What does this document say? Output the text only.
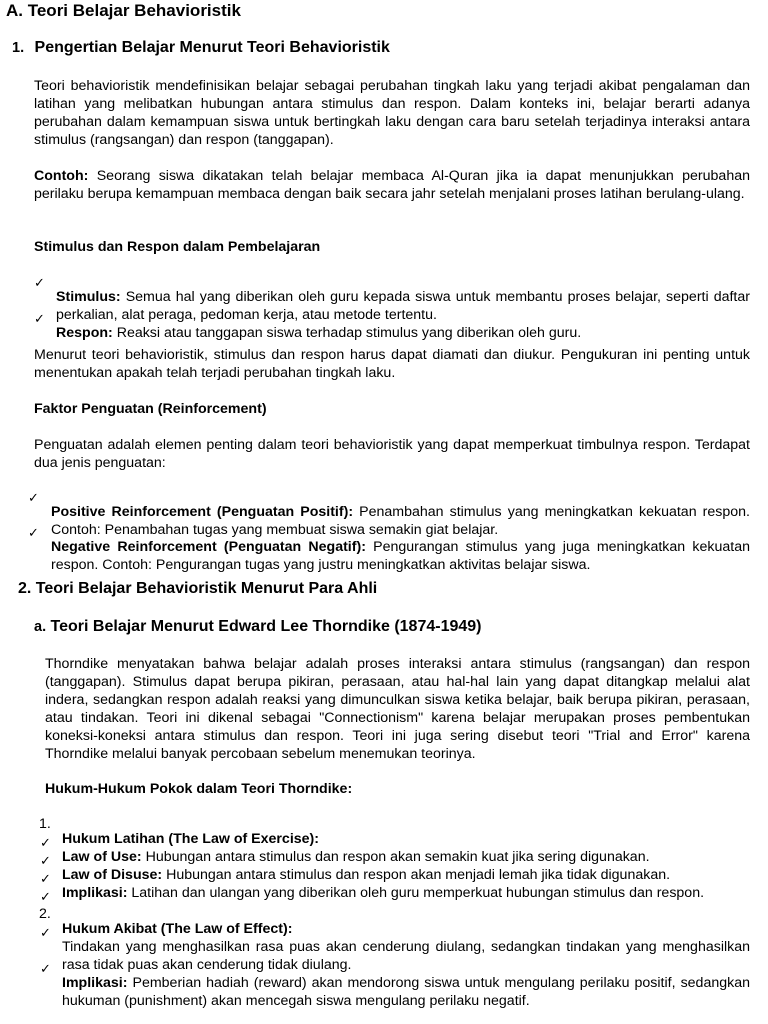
A. Teori Belajar Behavioristik
1. Pengertian Belajar Menurut Teori Behavioristik

Teori behavioristik mendefinisikan belajar sebagai perubahan tingkah laku yang terjadi akibat pengalaman dan latihan yang melibatkan hubungan antara stimulus dan respon. Dalam konteks ini, belajar berarti adanya perubahan dalam kemampuan siswa untuk bertingkah laku dengan cara baru setelah terjadinya interaksi antara stimulus (rangsangan) dan respon (tanggapan).

Contoh: Seorang siswa dikatakan telah belajar membaca Al-Quran jika ia dapat menunjukkan perubahan perilaku berupa kemampuan membaca dengan baik secara jahr setelah menjalani proses latihan berulang-ulang.

Stimulus dan Respon dalam Pembelajaran

✓

Stimulus: Semua hal yang diberikan oleh guru kepada siswa untuk membantu proses belajar, seperti daftar perkalian, alat peraga, pedoman kerja, atau metode tertentu.

✓

Respon: Reaksi atau tanggapan siswa terhadap stimulus yang diberikan oleh guru.

Menurut teori behavioristik, stimulus dan respon harus dapat diamati dan diukur. Pengukuran ini penting untuk menentukan apakah telah terjadi perubahan tingkah laku.

Faktor Penguatan (Reinforcement)

Penguatan adalah elemen penting dalam teori behavioristik yang dapat memperkuat timbulnya respon. Terdapat dua jenis penguatan:

✓

Positive Reinforcement (Penguatan Positif): Penambahan stimulus yang meningkatkan kekuatan respon. Contoh: Penambahan tugas yang membuat siswa semakin giat belajar.

✓

Negative Reinforcement (Penguatan Negatif): Pengurangan stimulus yang juga meningkatkan kekuatan respon. Contoh: Pengurangan tugas yang justru meningkatkan aktivitas belajar siswa.

2. Teori Belajar Behavioristik Menurut Para Ahli
a. Teori Belajar Menurut Edward Lee Thorndike (1874-1949)

Thorndike menyatakan bahwa belajar adalah proses interaksi antara stimulus (rangsangan) dan respon (tanggapan). Stimulus dapat berupa pikiran, perasaan, atau hal-hal lain yang dapat ditangkap melalui alat indera, sedangkan respon adalah reaksi yang dimunculkan siswa ketika belajar, baik berupa pikiran, perasaan, atau tindakan. Teori ini dikenal sebagai "Connectionism" karena belajar merupakan proses pembentukan koneksi-koneksi antara stimulus dan respon. Teori ini juga sering disebut teori "Trial and Error" karena Thorndike melalui banyak percobaan sebelum menemukan teorinya.

Hukum-Hukum Pokok dalam Teori Thorndike:

1.

Hukum Latihan (The Law of Exercise):

✓

Law of Use: Hubungan antara stimulus dan respon akan semakin kuat jika sering digunakan.

✓

Law of Disuse: Hubungan antara stimulus dan respon akan menjadi lemah jika tidak digunakan.

✓

Implikasi: Latihan dan ulangan yang diberikan oleh guru memperkuat hubungan stimulus dan respon.

✓
2.

Hukum Akibat (The Law of Effect):

✓

Tindakan yang menghasilkan rasa puas akan cenderung diulang, sedangkan tindakan yang menghasilkan rasa tidak puas akan cenderung tidak diulang.

✓

Implikasi: Pemberian hadiah (reward) akan mendorong siswa untuk mengulang perilaku positif, sedangkan hukuman (punishment) akan mencegah siswa mengulang perilaku negatif.
